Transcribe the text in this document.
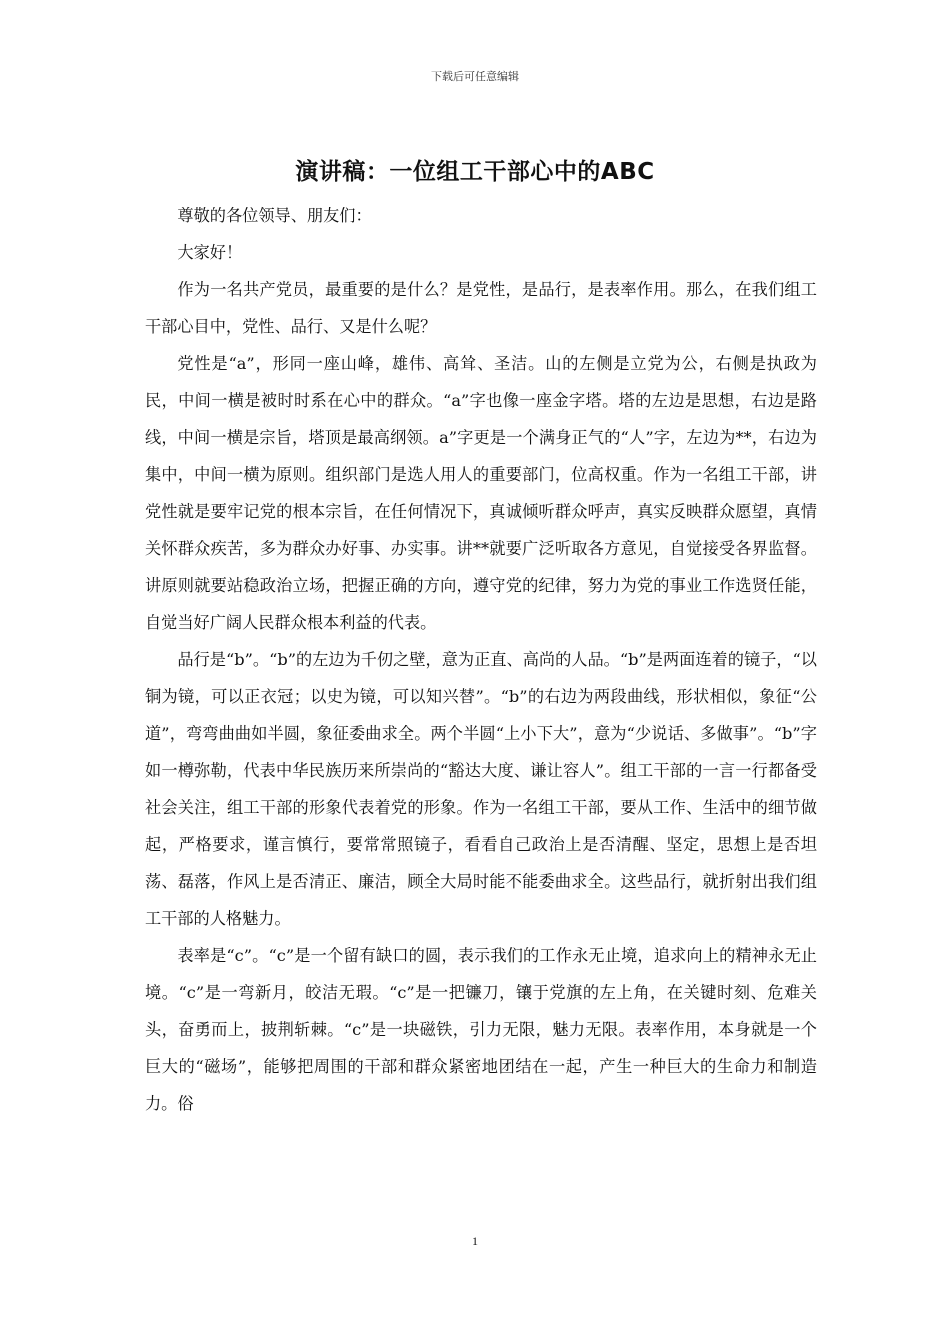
下载后可任意编辑
演讲稿：一位组工干部心中的ABC

尊敬的各位领导、朋友们：

大家好！

作为一名共产党员，最重要的是什么？是党性，是品行，是表率作用。那么，在我们组工干部心目中，党性、品行、又是什么呢？

党性是“a”，形同一座山峰，雄伟、高耸、圣洁。山的左侧是立党为公，右侧是执政为民，中间一横是被时时系在心中的群众。“a”字也像一座金字塔。塔的左边是思想，右边是路线，中间一横是宗旨，塔顶是最高纲领。a”字更是一个满身正气的“人”字，左边为**，右边为集中，中间一横为原则。组织部门是选人用人的重要部门，位高权重。作为一名组工干部，讲党性就是要牢记党的根本宗旨，在任何情况下，真诚倾听群众呼声，真实反映群众愿望，真情关怀群众疾苦，多为群众办好事、办实事。讲**就要广泛听取各方意见，自觉接受各界监督。讲原则就要站稳政治立场，把握正确的方向，遵守党的纪律，努力为党的事业工作选贤任能，自觉当好广阔人民群众根本利益的代表。

品行是“b”。“b”的左边为千仞之壁，意为正直、高尚的人品。“b”是两面连着的镜子，“以铜为镜，可以正衣冠；以史为镜，可以知兴替”。“b”的右边为两段曲线，形状相似，象征“公道”，弯弯曲曲如半圆，象征委曲求全。两个半圆“上小下大”，意为“少说话、多做事”。“b”字如一樽弥勒，代表中华民族历来所崇尚的“豁达大度、谦让容人”。组工干部的一言一行都备受社会关注，组工干部的形象代表着党的形象。作为一名组工干部，要从工作、生活中的细节做起，严格要求，谨言慎行，要常常照镜子，看看自己政治上是否清醒、坚定，思想上是否坦荡、磊落，作风上是否清正、廉洁，顾全大局时能不能委曲求全。这些品行，就折射出我们组工干部的人格魅力。

表率是“c”。“c”是一个留有缺口的圆，表示我们的工作永无止境，追求向上的精神永无止境。“c”是一弯新月，皎洁无瑕。“c”是一把镰刀，镶于党旗的左上角，在关键时刻、危难关头，奋勇而上，披荆斩棘。“c”是一块磁铁，引力无限，魅力无限。表率作用，本身就是一个巨大的“磁场”，能够把周围的干部和群众紧密地团结在一起，产生一种巨大的生命力和制造力。俗

1
